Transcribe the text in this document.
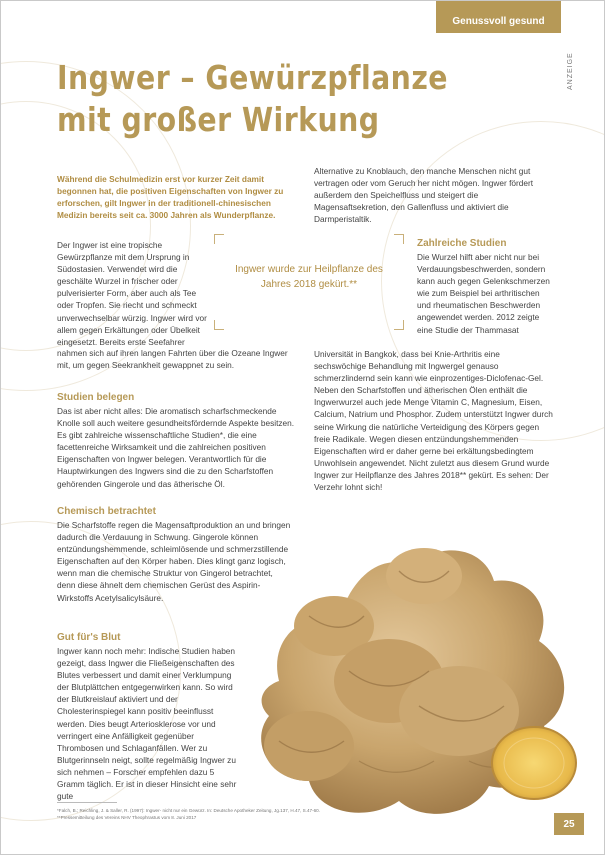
Genussvoll gesund
ANZEIGE
Ingwer – Gewürzpflanze
mit großer Wirkung

Während die Schulmedizin erst vor kurzer Zeit damit begonnen hat, die positiven Eigenschaften von Ingwer zu erforschen, gilt Ingwer in der traditionell-chinesischen Medizin bereits seit ca. 3000 Jahren als Wunderpflanze.

Alternative zu Knoblauch, den manche Menschen nicht gut vertragen oder vom Geruch her nicht mögen. Ingwer fördert außerdem den Speichelfluss und steigert die Magensaftsekretion, den Gallenfluss und aktiviert die Darmperistaltik.

Der Ingwer ist eine tropische Gewürzpflanze mit dem Ursprung in Südostasien. Verwendet wird die geschälte Wurzel in frischer oder pulverisierter Form, aber auch als Tee oder Tropfen. Sie riecht und schmeckt unverwechselbar würzig. Ingwer wird vor allem gegen Erkältungen oder Übelkeit eingesetzt. Bereits erste Seefahrer

nahmen sich auf ihren langen Fahrten über die Ozeane Ingwer mit, um gegen Seekrankheit gewappnet zu sein.

Ingwer wurde zur Heilpflanze des Jahres 2018 gekürt.**

Studien belegen

Das ist aber nicht alles: Die aromatisch scharfschmeckende Knolle soll auch weitere gesundheitsfördernde Aspekte besitzen. Es gibt zahlreiche wissenschaftliche Studien*, die eine facettenreiche Wirksamkeit und die zahlreichen positiven Eigenschaften von Ingwer belegen. Verantwortlich für die Hauptwirkungen des Ingwers sind die zu den Scharfstoffen gehörenden Gingerole und das ätherische Öl.

Chemisch betrachtet

Die Scharfstoffe regen die Magensaftproduktion an und bringen dadurch die Verdauung in Schwung. Gingerole können entzündungshemmende, schleimlösende und schmerzstillende Eigenschaften auf den Körper haben. Dies klingt ganz logisch, wenn man die chemische Struktur von Gingerol betrachtet, denn diese ähnelt dem chemischen Gerüst des Aspirin-Wirkstoffs Acetylsalicylsäure.

Gut für's Blut

Ingwer kann noch mehr: Indische Studien haben gezeigt, dass Ingwer die Fließeigenschaften des Blutes verbessert und damit einer Verklumpung der Blutplättchen entgegenwirken kann. So wird der Blutkreislauf aktiviert und der Cholesterinspiegel kann positiv beeinflusst werden. Dies beugt Arteriosklerose vor und verringert eine Anfälligkeit gegenüber Thrombosen und Schlaganfällen. Wer zu Blutgerinnseln neigt, sollte regelmäßig Ingwer zu sich nehmen – Forscher empfehlen dazu 5 Gramm täglich. Er ist in dieser Hinsicht eine sehr gute

Zahlreiche Studien

Die Wurzel hilft aber nicht nur bei Verdauungsbeschwerden, sondern kann auch gegen Gelenkschmerzen wie zum Beispiel bei arthritischen und rheumatischen Beschwerden angewendet werden. 2012 zeigte eine Studie der Thammasat

Universität in Bangkok, dass bei Knie-Arthritis eine sechswöchige Behandlung mit Ingwergel genauso schmerzlindernd sein kann wie einprozentiges-Diclofenac-Gel. Neben den Scharfstoffen und ätherischen Ölen enthält die Ingwerwurzel auch jede Menge Vitamin C, Magnesium, Eisen, Calcium, Natrium und Phosphor. Zudem unterstützt Ingwer durch seine Wirkung die natürliche Verteidigung des Körpers gegen freie Radikale. Wegen diesen entzündungshemmenden Eigenschaften wird er daher gerne bei erkältungsbedingtem Unwohlsein angewendet. Nicht zuletzt aus diesem Grund wurde Ingwer zur Heilpflanze des Jahres 2018** gekürt. Es sehen: Der Verzehr lohnt sich!

*Falch, B.; Reichling, J. & Saller, R. (1997): Ingwer- nicht nur ein Gewürz. In: Deutsche Apotheker Zeitung, Jg.137, H.47, S.47-60.

**Pressemitteilung des Vereins NHV Theophrastus vom 8. Juni 2017

25
